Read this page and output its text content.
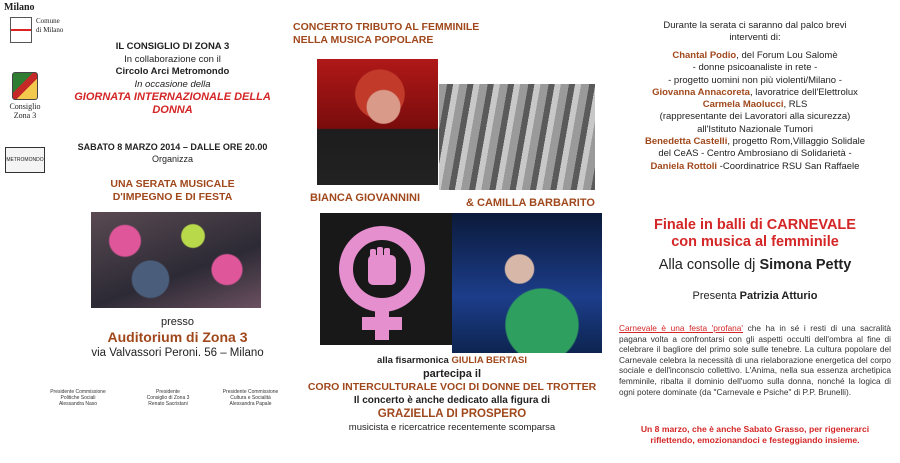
Milano
Comune
di Milano
Consiglio
Zona 3
METROMONDO
IL CONSIGLIO DI ZONA 3
In collaborazione con il
Circolo Arci Metromondo
In occasione della
GIORNATA INTERNAZIONALE DELLA
DONNA
SABATO 8 MARZO 2014 – DALLE ORE 20.00
Organizza
UNA SERATA MUSICALE
D'IMPEGNO E DI FESTA
presso
Auditorium di Zona 3
via Valvassori Peroni. 56 – Milano
Presidente Commissione
Politiche Sociali
Alessandra Naso
Presidente
Consiglio di Zona 3
Renato Sacristani
Presidente Commissione
Cultura e Socialità
Alessandra Papale
CONCERTO TRIBUTO AL FEMMINILE
NELLA MUSICA POPOLARE
BIANCA GIOVANNINI	& CAMILLA BARBARITO
alla fisarmonica GIULIA BERTASI
partecipa il
CORO INTERCULTURALE VOCI DI DONNE DEL TROTTER
Il concerto è anche dedicato alla figura di
GRAZIELLA DI PROSPERO
musicista e ricercatrice recentemente scomparsa
Durante la serata ci saranno dal palco brevi
interventi di:
Chantal Podio, del Forum Lou Salomè
- donne psicoanaliste in rete -
- progetto uomini non più violenti/Milano -
Giovanna Annacoreta, lavoratrice dell'Elettrolux
Carmela Maolucci, RLS
(rappresentante dei Lavoratori alla sicurezza)
all'Istituto Nazionale Tumori
Benedetta Castelli, progetto Rom,Villaggio Solidale
del CeAS - Centro Ambrosiano di Solidarietà -
Daniela Rottoli -Coordinatrice RSU San Raffaele
Finale in balli di CARNEVALE
con musica al femminile
Alla consolle dj Simona Petty
Presenta Patrizia Atturio
Carnevale è una festa 'profana' che ha in sé i resti di una sacralità pagana volta a confrontarsi con gli aspetti occulti dell'ombra al fine di celebrare il bagliore del primo sole sulle tenebre. La cultura popolare del Carnevale celebra la necessità di una rielaborazione energetica del corpo sociale e dell'inconscio collettivo. L'Anima, nella sua essenza archetipica femminile, ribalta il dominio dell'uomo sulla donna, nonché la logica di ogni potere dominate (da "Carnevale e Psiche" di P.P. Brunelli).
Un 8 marzo, che è anche Sabato Grasso, per rigenerarci
riflettendo, emozionandoci e festeggiando insieme.
